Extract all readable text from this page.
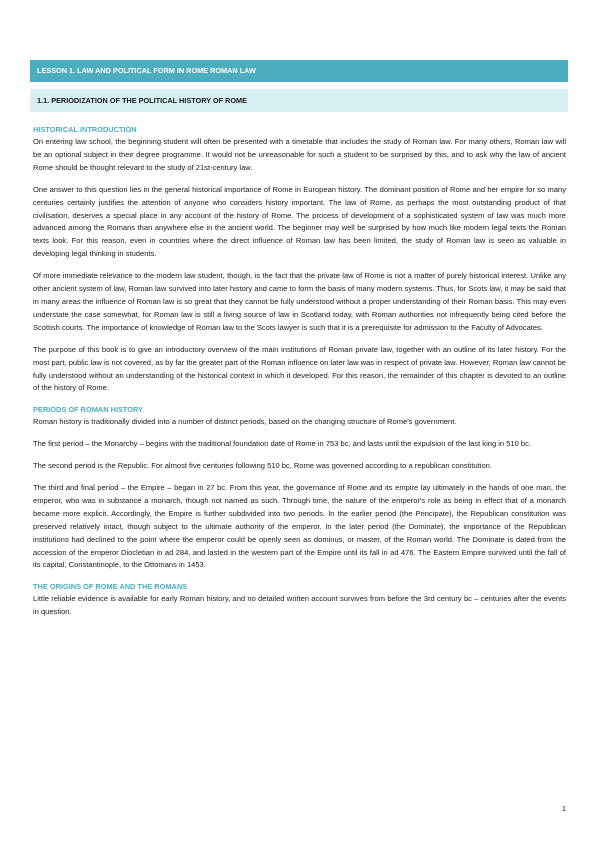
LESSON 1. LAW AND POLITICAL FORM IN ROME ROMAN LAW
1.1. PERIODIZATION OF THE POLITICAL HISTORY OF ROME

HISTORICAL INTRODUCTION

On entering law school, the beginning student will often be presented with a timetable that includes the study of Roman law. For many others, Roman law will be an optional subject in their degree programme. It would not be unreasonable for such a student to be surprised by this, and to ask why the law of ancient Rome should be thought relevant to the study of 21st-century law.

One answer to this question lies in the general historical importance of Rome in European history. The dominant position of Rome and her empire for so many centuries certainly justifies the attention of anyone who considers history important. The law of Rome, as perhaps the most outstanding product of that civilisation, deserves a special place in any account of the history of Rome. The process of development of a sophisticated system of law was much more advanced among the Romans than anywhere else in the ancient world. The beginner may well be surprised by how much like modern legal texts the Roman texts look. For this reason, even in countries where the direct influence of Roman law has been limited, the study of Roman law is seen as valuable in developing legal thinking in students.

Of more immediate relevance to the modern law student, though, is the fact that the private law of Rome is not a matter of purely historical interest. Unlike any other ancient system of law, Roman law survived into later history and came to form the basis of many modern systems. Thus, for Scots law, it may be said that in many areas the influence of Roman law is so great that they cannot be fully understood without a proper understanding of their Roman basis. This may even understate the case somewhat, for Roman law is still a living source of law in Scotland today, with Roman authorities not infrequently being cited before the Scottish courts. The importance of knowledge of Roman law to the Scots lawyer is such that it is a prerequisite for admission to the Faculty of Advocates.

The purpose of this book is to give an introductory overview of the main institutions of Roman private law, together with an outline of its later history. For the most part, public law is not covered, as by far the greater part of the Roman influence on later law was in respect of private law. However, Roman law cannot be fully understood without an understanding of the historical context in which it developed. For this reason, the remainder of this chapter is devoted to an outline of the history of Rome.

PERIODS OF ROMAN HISTORY

Roman history is traditionally divided into a number of distinct periods, based on the changing structure of Rome's government.

The first period – the Monarchy – begins with the traditional foundation date of Rome in 753 bc, and lasts until the expulsion of the last king in 510 bc.

The second period is the Republic. For almost five centuries following 510 bc, Rome was governed according to a republican constitution.

The third and final period – the Empire – began in 27 bc. From this year, the governance of Rome and its empire lay ultimately in the hands of one man, the emperor, who was in substance a monarch, though not named as such. Through time, the nature of the emperor's role as being in effect that of a monarch became more explicit. Accordingly, the Empire is further subdivided into two periods. In the earlier period (the Principate), the Republican constitution was preserved relatively intact, though subject to the ultimate authority of the emperor. In the later period (the Dominate), the importance of the Republican institutions had declined to the point where the emperor could be openly seen as dominus, or master, of the Roman world. The Dominate is dated from the accession of the emperor Diocletian in ad 284, and lasted in the western part of the Empire until its fall in ad 476. The Eastern Empire survived until the fall of its capital, Constantinople, to the Ottomans in 1453.

THE ORIGINS OF ROME AND THE ROMANS

Little reliable evidence is available for early Roman history, and no detailed written account survives from before the 3rd century bc – centuries after the events in question.

1
